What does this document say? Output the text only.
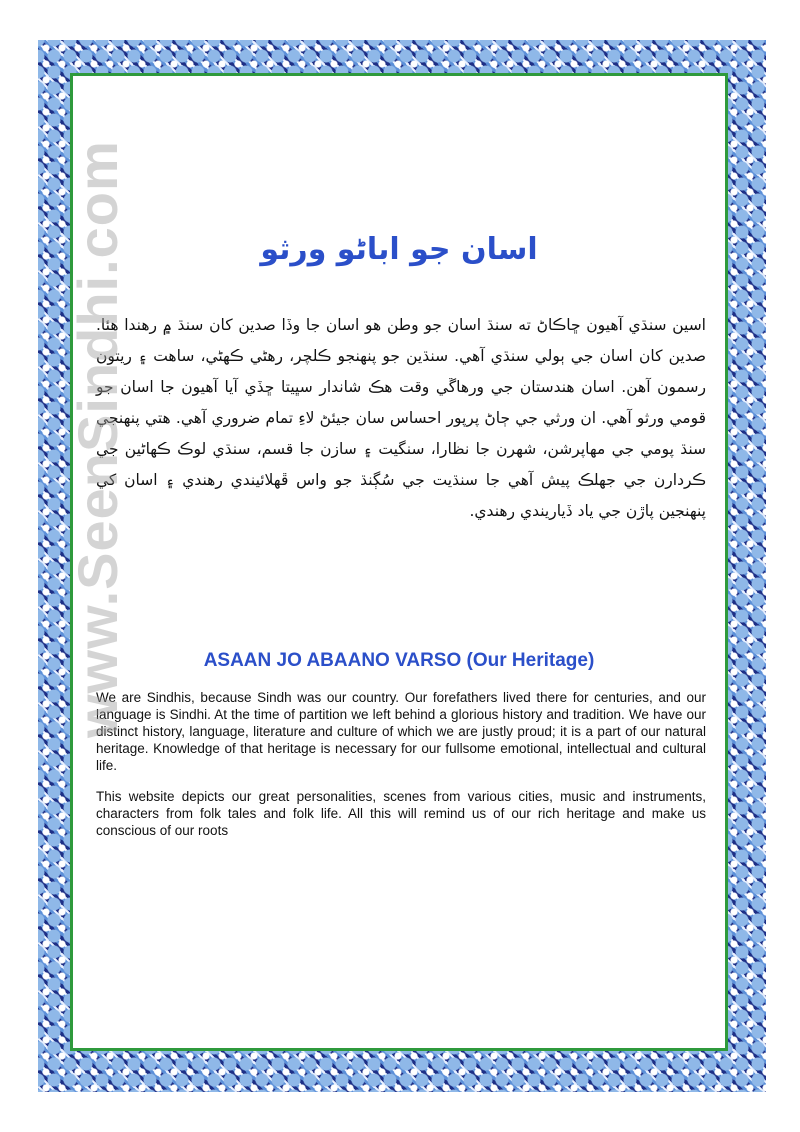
اسان جو اباڻو ورثو

اسين سنڌي آهيون ڇاڪاڻ ته سنڌ اسان جو وطن هو اسان جا وڏا صدين کان سنڌ ۾ رهندا هئا. صدين کان اسان جي ٻولي سنڌي آهي. سنڌين جو پنهنجو ڪلچر، رهڻي ڪهڻي، ساهت ۽ ريتون رسمون آهن. اسان هندستان جي ورهاڱي وقت هڪ شاندار سڀيتا ڇڏي آيا آهيون جا اسان جو قومي ورثو آهي. ان ورثي جي ڄاڻ پرپور احساس سان جيئڻ لاءِ تمام ضروري آهي. هتي پنهنجي سنڌ پومي جي مهاپرشن، شهرن جا نظارا، سنگيت ۽ سازن جا قسم، سنڌي لوڪ ڪهاڻين جي ڪردارن جي جهلڪ پيش آهي جا سنڌيت جي سُڳنڌ جو واس ڦهلائيندي رهندي ۽ اسان کي پنهنجين پاڙن جي ياد ڏياريندي رهندي.

ASAAN JO ABAANO VARSO (Our Heritage)

We are Sindhis, because Sindh was our country. Our forefathers lived there for centuries, and our language is Sindhi. At the time of partition we left behind a glorious history and tradition. We have our distinct history, language, literature and culture of which we are justly proud; it is a part of our natural heritage. Knowledge of that heritage is necessary for our fullsome emotional, intellectual and cultural life.

This website depicts our great personalities, scenes from various cities, music and instruments, characters from folk tales and folk life. All this will remind us of our rich heritage and make us conscious of our roots

www.SeenSindhi.com
